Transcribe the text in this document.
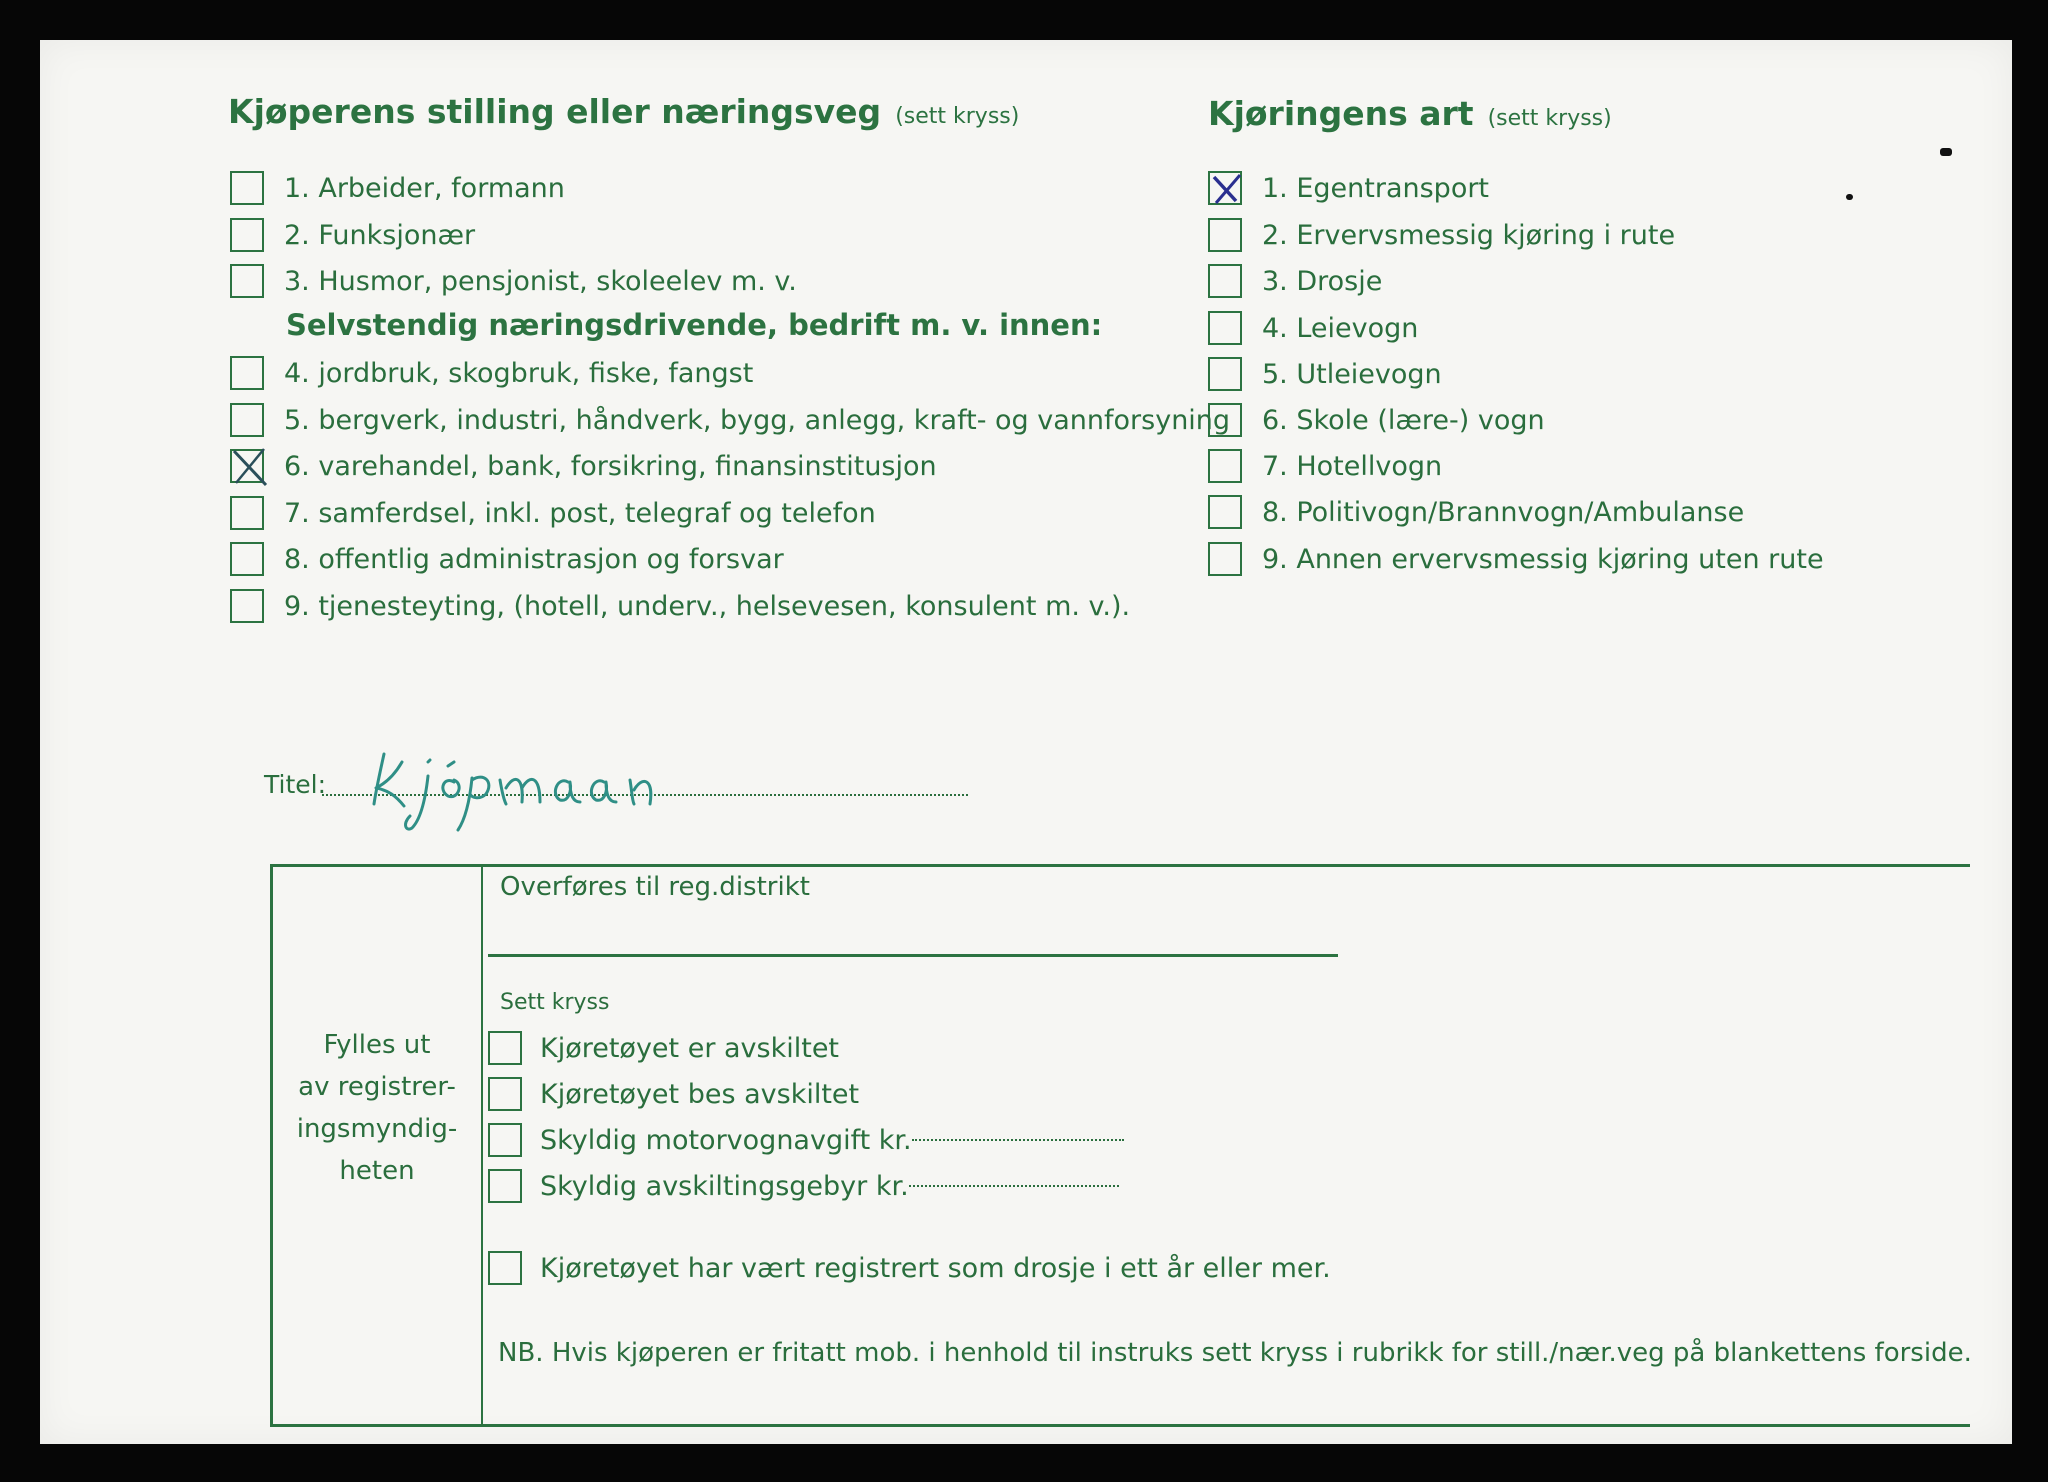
Kjøperens stilling eller næringsveg (sett kryss)
1. Arbeider, formann
2. Funksjonær
3. Husmor, pensjonist, skoleelev m. v.
Selvstendig næringsdrivende, bedrift m. v. innen:
4. jordbruk, skogbruk, fiske, fangst
5. bergverk, industri, håndverk, bygg, anlegg, kraft- og vannforsyning
6. varehandel, bank, forsikring, finansinstitusjon
7. samferdsel, inkl. post, telegraf og telefon
8. offentlig administrasjon og forsvar
9. tjenesteyting, (hotell, underv., helsevesen, konsulent m. v.).
Kjøringens art (sett kryss)
1. Egentransport
2. Ervervsmessig kjøring i rute
3. Drosje
4. Leievogn
5. Utleievogn
6. Skole (lære-) vogn
7. Hotellvogn
8. Politivogn/Brannvogn/Ambulanse
9. Annen ervervsmessig kjøring uten rute
Titel:
Fylles ut
av registrer-
ingsmyndig-
heten
Overføres til reg.distrikt
Sett kryss
Kjøretøyet er avskiltet
Kjøretøyet bes avskiltet
Skyldig motorvognavgift kr.
Skyldig avskiltingsgebyr kr.
Kjøretøyet har vært registrert som drosje i ett år eller mer.
NB. Hvis kjøperen er fritatt mob. i henhold til instruks sett kryss i rubrikk for still./nær.veg på blankettens forside.
